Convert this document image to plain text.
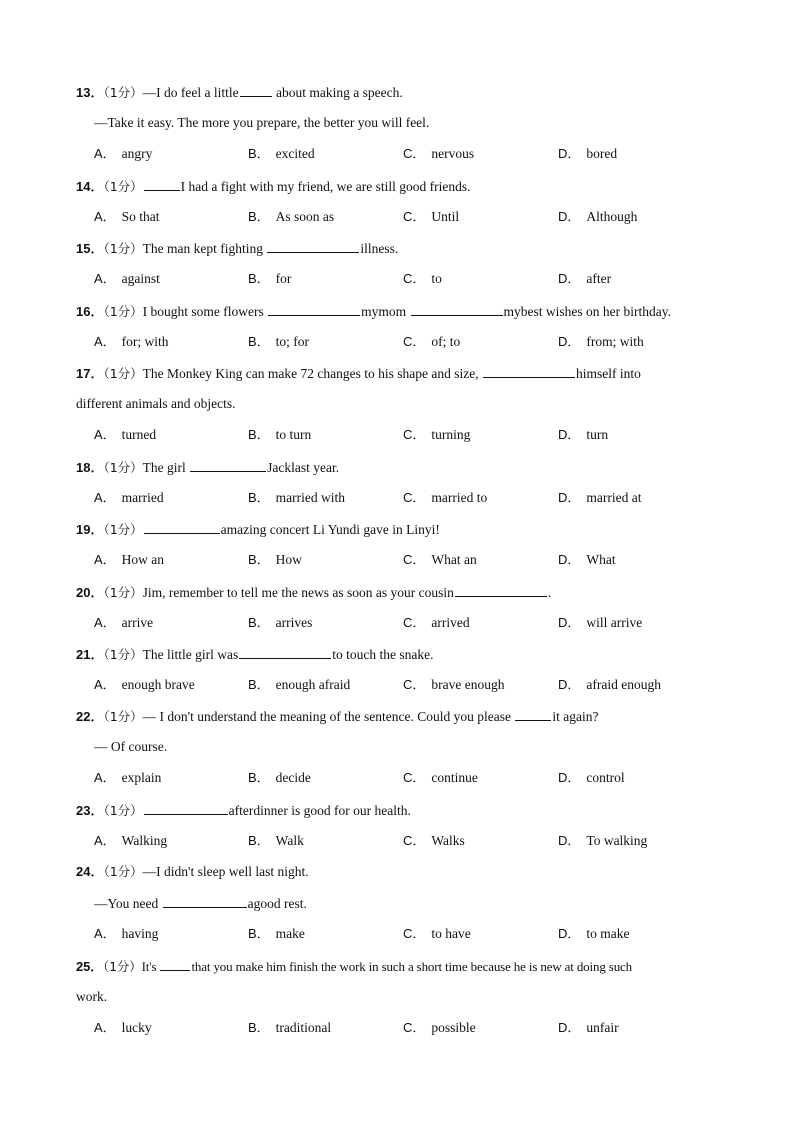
13．（1分）—I do feel a little	about making a speech.
—Take it easy. The more you prepare, the better you will feel.
A． angry	B． excited	C． nervous	D． bored
14．（1分）	I had a fight with my friend, we are still good friends.
A． So that	B． As soon as	C． Until	D． Although
15．（1分）The man kept fighting	illness.
A． against	B． for	C． to	D． after
16．（1分）I bought some flowers	mymom	mybest wishes on her birthday.
A． for; with	B． to; for	C． of; to	D． from; with
17．（1分）The Monkey King can make 72 changes to his shape and size,	himself into
different animals and objects.
A． turned	B． to turn	C． turning	D． turn
18．（1分）The girl	Jacklast year.
A． married	B． married with	C． married to	D． married at
19．（1分）	amazing concert Li Yundi gave in Linyi!
A． How an	B． How	C． What an	D． What
20．（1分）Jim, remember to tell me the news as soon as your cousin	.
A． arrive	B． arrives	C． arrived	D． will arrive
21．（1分）The little girl was	to touch the snake.
A． enough brave	B． enough afraid	C． brave enough	D． afraid enough
22．（1分）— I don't understand the meaning of the sentence. Could you please	it again?
— Of course.
A． explain	B． decide	C． continue	D． control
23．（1分）	afterdinner is good for our health.
A． Walking	B． Walk	C． Walks	D． To walking
24．（1分）—I didn't sleep well last night.
—You need	agood rest.
A． having	B． make	C． to have	D． to make
25．（1分）It's that you make him finish the work in such a short time because he is new at doing such
work.
A． lucky	B． traditional	C． possible	D． unfair
